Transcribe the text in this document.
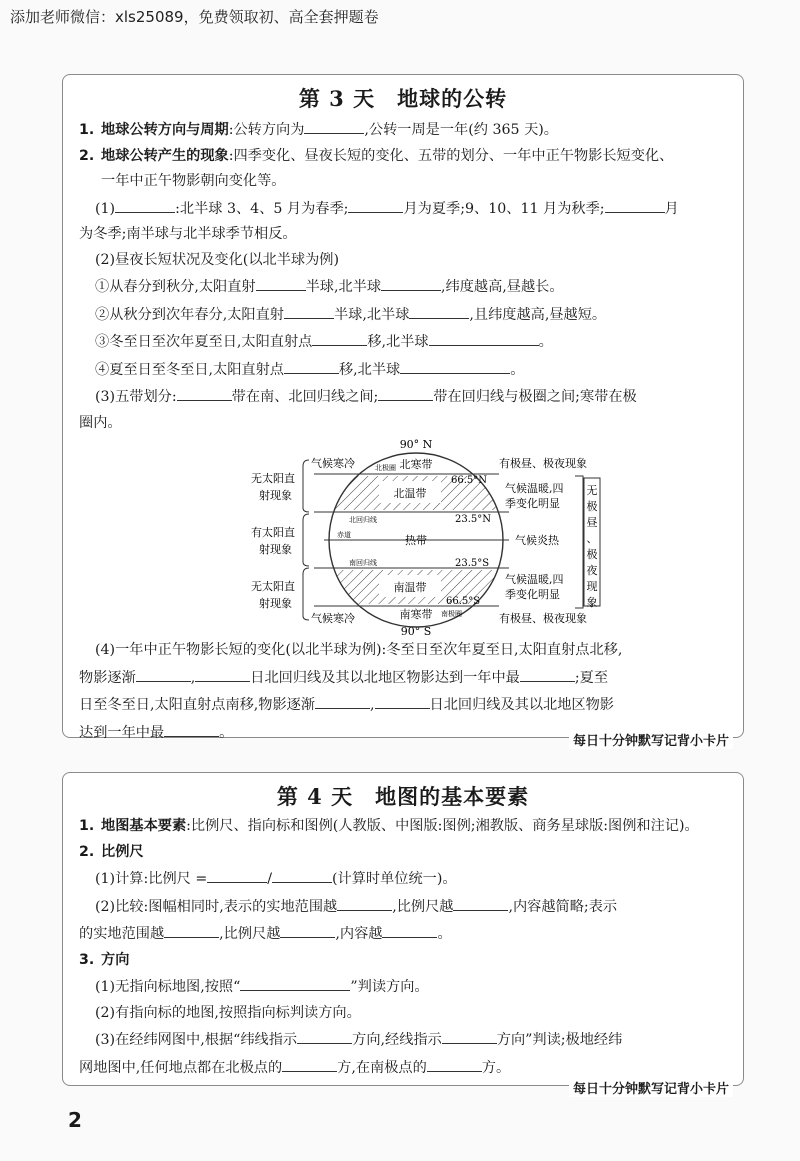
添加老师微信：xls25089，免费领取初、高全套押题卷
第 3 天　地球的公转

1. 地球公转方向与周期:公转方向为	,公转一周是一年(约 365 天)。

2. 地球公转产生的现象:四季变化、昼夜长短的变化、五带的划分、一年中正午物影长短变化、

一年中正午物影朝向变化等。

(1)	:北半球 3、4、5 月为春季;	月为夏季;9、10、11 月为秋季;	月

为冬季;南半球与北半球季节相反。

(2)昼夜长短状况及变化(以北半球为例)

①从春分到秋分,太阳直射	半球,北半球	,纬度越高,昼越长。

②从秋分到次年春分,太阳直射	半球,北半球	,且纬度越高,昼越短。

③冬至日至次年夏至日,太阳直射点	移,北半球	。

④夏至日至冬至日,太阳直射点	移,北半球	。

(3)五带划分:	带在南、北回归线之间;	带在回归线与极圈之间;寒带在极

圈内。

90° N
90° S
北寒带
北温带
热带
南温带
南寒带
北极圈
北回归线
赤道
南回归线
南极圈
66.5°N
23.5°N
23.5°S
66.5°S
气候寒冷
气候寒冷
无太阳直
射现象
有太阳直
射现象
无太阳直
射现象
有极昼、极夜现象
有极昼、极夜现象
气候温暖,四
季变化明显
气候炎热
气候温暖,四
季变化明显
无
极
昼
、
极
夜
现
象

(4)一年中正午物影长短的变化(以北半球为例):冬至日至次年夏至日,太阳直射点北移,

物影逐渐	,	日北回归线及其以北地区物影达到一年中最	;夏至

日至冬至日,太阳直射点南移,物影逐渐	,	日北回归线及其以北地区物影

达到一年中最	。

每日十分钟默写记背小卡片
第 4 天　地图的基本要素

1. 地图基本要素:比例尺、指向标和图例(人教版、中图版:图例;湘教版、商务星球版:图例和注记)。

2. 比例尺

(1)计算:比例尺 =	/	(计算时单位统一)。

(2)比较:图幅相同时,表示的实地范围越	,比例尺越	,内容越简略;表示

的实地范围越	,比例尺越	,内容越	。

3. 方向

(1)无指向标地图,按照“	”判读方向。

(2)有指向标的地图,按照指向标判读方向。

(3)在经纬网图中,根据“纬线指示	方向,经线指示	方向”判读;极地经纬

网地图中,任何地点都在北极点的	方,在南极点的	方。

每日十分钟默写记背小卡片
2
